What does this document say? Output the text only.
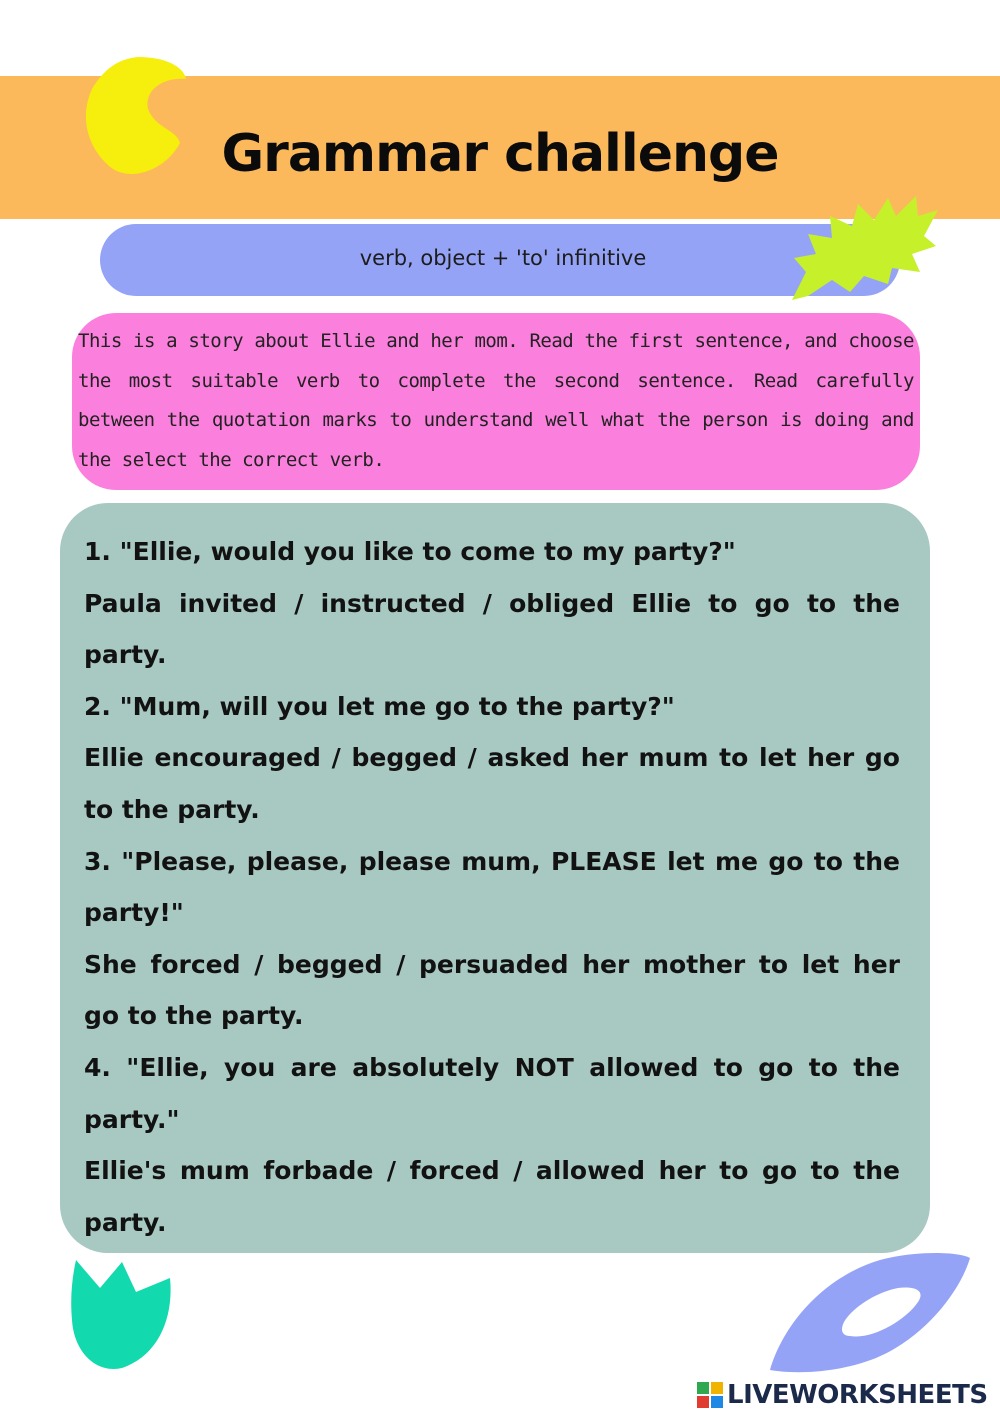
Grammar challenge
verb, object + 'to' infinitive
This is a story about Ellie and her mom. Read the first sentence, and choose the most suitable verb to complete the second sentence. Read carefully between the quotation marks to understand well what the person is doing and the select the correct verb.
1. "Ellie, would you like to come to my party?"
Paula invited / instructed / obliged Ellie to go to the
party.
2. "Mum, will you let me go to the party?"
Ellie encouraged / begged / asked her mum to let her go
to the party.
3. "Please, please, please mum, PLEASE let me go to the
party!"
She forced / begged / persuaded her mother to let her
go to the party.
4. "Ellie, you are absolutely NOT allowed to go to the
party."
Ellie's mum forbade / forced / allowed her to go to the
party.
LIVEWORKSHEETS
